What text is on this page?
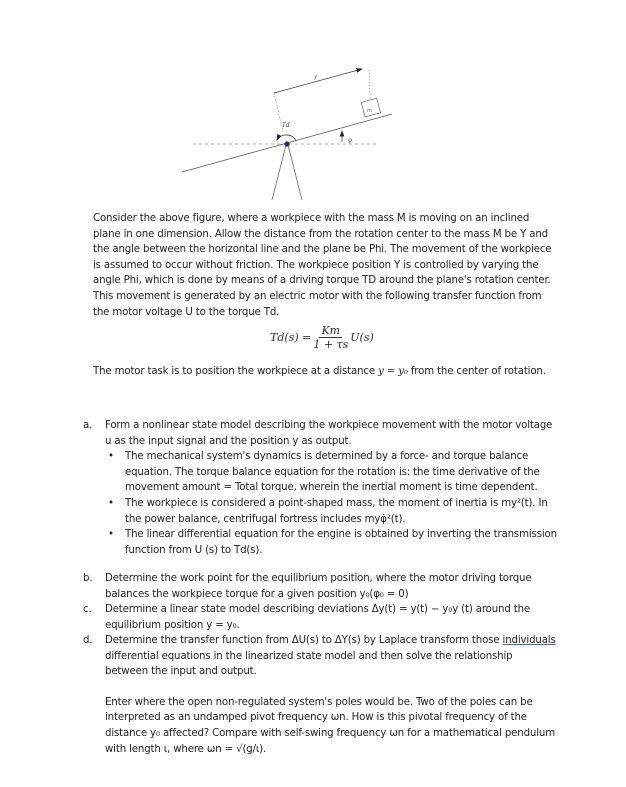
y
m
Td
φ
Consider the above figure, where a workpiece with the mass M is moving on an inclined plane in one dimension. Allow the distance from the rotation center to the mass M be Y and the angle between the horizontal line and the plane be Phi. The movement of the workpiece is assumed to occur without friction. The workpiece position Y is controlled by varying the angle Phi, which is done by means of a driving torque TD around the plane's rotation center. This movement is generated by an electric motor with the following transfer function from the motor voltage U to the torque Td.
$Td(s) = \frac{Km}{1 + \tau s} U(s)$
The motor task is to position the workpiece at a distance y = y₀ from the center of rotation.
a. Form a nonlinear state model describing the workpiece movement with the motor voltage u as the input signal and the position y as output.
• The mechanical system's dynamics is determined by a force- and torque balance equation. The torque balance equation for the rotation is: the time derivative of the movement amount = Total torque, wherein the inertial moment is time dependent.
• The workpiece is considered a point-shaped mass, the moment of inertia is my²(t). In the power balance, centrifugal fortress includes myφ̇²(t).
• The linear differential equation for the engine is obtained by inverting the transmission function from U (s) to Td(s).
b. Determine the work point for the equilibrium position, where the motor driving torque balances the workpiece torque for a given position y₀(φ₀ = 0)
c. Determine a linear state model describing deviations Δy(t) = y(t) − y₀y (t) around the equilibrium position y = y₀.
d. Determine the transfer function from ΔU(s) to ΔY(s) by Laplace transform those individuals differential equations in the linearized state model and then solve the relationship between the input and output.
Enter where the open non-regulated system's poles would be. Two of the poles can be interpreted as an undamped pivot frequency ωn. How is this pivotal frequency of the distance y₀ affected? Compare with self-swing frequency ωn for a mathematical pendulum with length ι, where ωn = √(g/ι).
